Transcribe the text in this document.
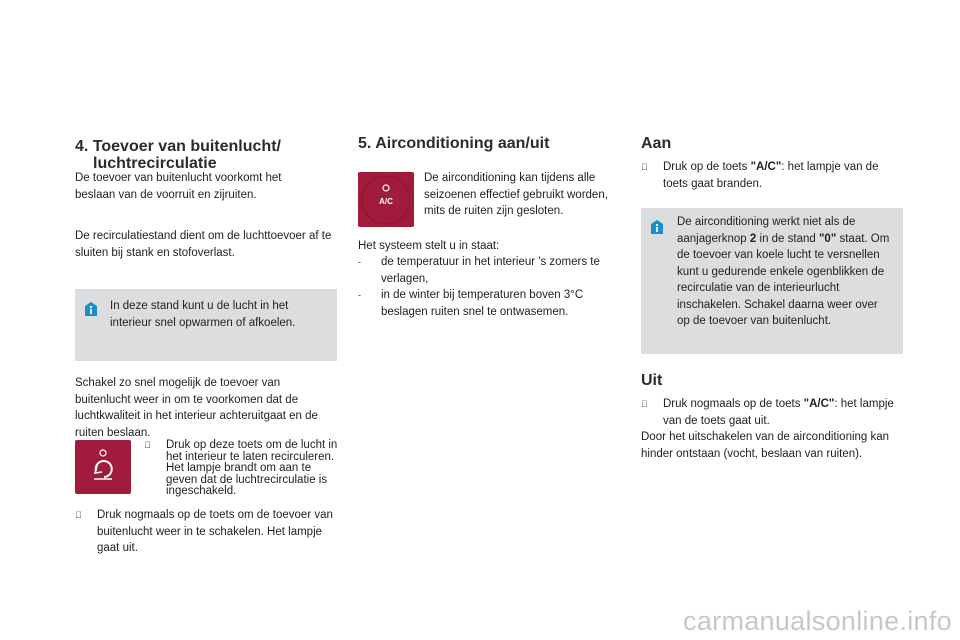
4. Toevoer van buitenlucht/
luchtrecirculatie

De toevoer van buitenlucht voorkomt het beslaan van de voorruit en zijruiten.

De recirculatiestand dient om de luchttoevoer af te sluiten bij stank en stofoverlast.

In deze stand kunt u de lucht in het interieur snel opwarmen of afkoelen.

Schakel zo snel mogelijk de toevoer van buitenlucht weer in om te voorkomen dat de luchtkwaliteit in het interieur achteruitgaat en de ruiten beslaan.

Druk op deze toets om de lucht in het interieur te laten recirculeren. Het lampje brandt om aan te geven dat de luchtrecirculatie is ingeschakeld.
Druk nogmaals op de toets om de toevoer van buitenlucht weer in te schakelen. Het lampje gaat uit.
5. Airconditioning aan/uit
A/C

De airconditioning kan tijdens alle seizoenen effectief gebruikt worden, mits de ruiten zijn gesloten.

Het systeem stelt u in staat:

-	de temperatuur in het interieur 's zomers te verlagen,
-	in de winter bij temperaturen boven 3°C beslagen ruiten snel te ontwasemen.
Aan
Druk op de toets "A/C": het lampje van de toets gaat branden.
De airconditioning werkt niet als de aanjagerknop 2 in de stand "0" staat. Om de toevoer van koele lucht te versnellen kunt u gedurende enkele ogenblikken de recirculatie van de interieurlucht inschakelen. Schakel daarna weer over op de toevoer van buitenlucht.
Uit
Druk nogmaals op de toets "A/C": het lampje van de toets gaat uit.

Door het uitschakelen van de airconditioning kan hinder ontstaan (vocht, beslaan van ruiten).

carmanualsonline.info
